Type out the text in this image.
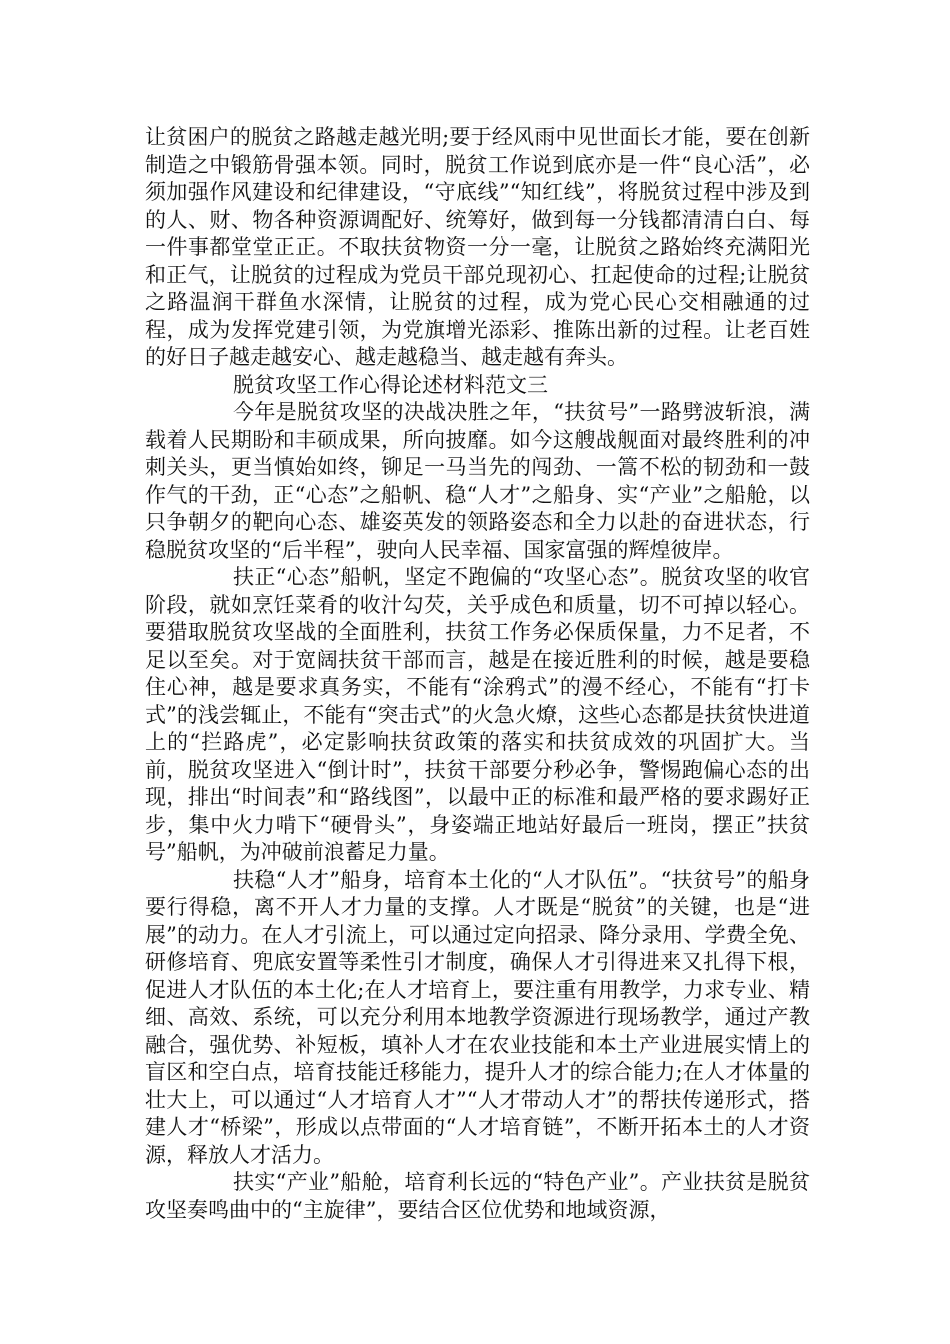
让贫困户的脱贫之路越走越光明;要于经风雨中见世面长才能，要在创新制造之中锻筋骨强本领。同时，脱贫工作说到底亦是一件“良心活”，必须加强作风建设和纪律建设，“守底线”“知红线”，将脱贫过程中涉及到的人、财、物各种资源调配好、统筹好，做到每一分钱都清清白白、每一件事都堂堂正正。不取扶贫物资一分一毫，让脱贫之路始终充满阳光和正气，让脱贫的过程成为党员干部兑现初心、扛起使命的过程;让脱贫之路温润干群鱼水深情，让脱贫的过程，成为党心民心交相融通的过程，成为发挥党建引领，为党旗增光添彩、推陈出新的过程。让老百姓的好日子越走越安心、越走越稳当、越走越有奔头。

脱贫攻坚工作心得论述材料范文三

今年是脱贫攻坚的决战决胜之年，“扶贫号”一路劈波斩浪，满载着人民期盼和丰硕成果，所向披靡。如今这艘战舰面对最终胜利的冲刺关头，更当慎始如终，铆足一马当先的闯劲、一篙不松的韧劲和一鼓作气的干劲，正“心态”之船帆、稳“人才”之船身、实“产业”之船舱，以只争朝夕的靶向心态、雄姿英发的领路姿态和全力以赴的奋进状态，行稳脱贫攻坚的“后半程”，驶向人民幸福、国家富强的辉煌彼岸。

扶正“心态”船帆，坚定不跑偏的“攻坚心态”。脱贫攻坚的收官阶段，就如烹饪菜肴的收汁勾芡，关乎成色和质量，切不可掉以轻心。要猎取脱贫攻坚战的全面胜利，扶贫工作务必保质保量，力不足者，不足以至矣。对于宽阔扶贫干部而言，越是在接近胜利的时候，越是要稳住心神，越是要求真务实，不能有“涂鸦式”的漫不经心，不能有“打卡式”的浅尝辄止，不能有“突击式”的火急火燎，这些心态都是扶贫快进道上的“拦路虎”，必定影响扶贫政策的落实和扶贫成效的巩固扩大。当前，脱贫攻坚进入“倒计时”，扶贫干部要分秒必争，警惕跑偏心态的出现，排出“时间表”和“路线图”，以最中正的标准和最严格的要求踢好正步，集中火力啃下“硬骨头”，身姿端正地站好最后一班岗，摆正”扶贫号”船帆，为冲破前浪蓄足力量。

扶稳“人才”船身，培育本土化的“人才队伍”。“扶贫号”的船身要行得稳，离不开人才力量的支撑。人才既是“脱贫”的关键，也是“进展”的动力。在人才引流上，可以通过定向招录、降分录用、学费全免、研修培育、兜底安置等柔性引才制度，确保人才引得进来又扎得下根，促进人才队伍的本土化;在人才培育上，要注重有用教学，力求专业、精细、高效、系统，可以充分利用本地教学资源进行现场教学，通过产教融合，强优势、补短板，填补人才在农业技能和本土产业进展实情上的盲区和空白点，培育技能迁移能力，提升人才的综合能力;在人才体量的壮大上，可以通过“人才培育人才”“人才带动人才”的帮扶传递形式，搭建人才“桥梁”，形成以点带面的“人才培育链”，不断开拓本土的人才资源，释放人才活力。

扶实“产业”船舱，培育利长远的“特色产业”。产业扶贫是脱贫攻坚奏鸣曲中的“主旋律”，要结合区位优势和地域资源，
